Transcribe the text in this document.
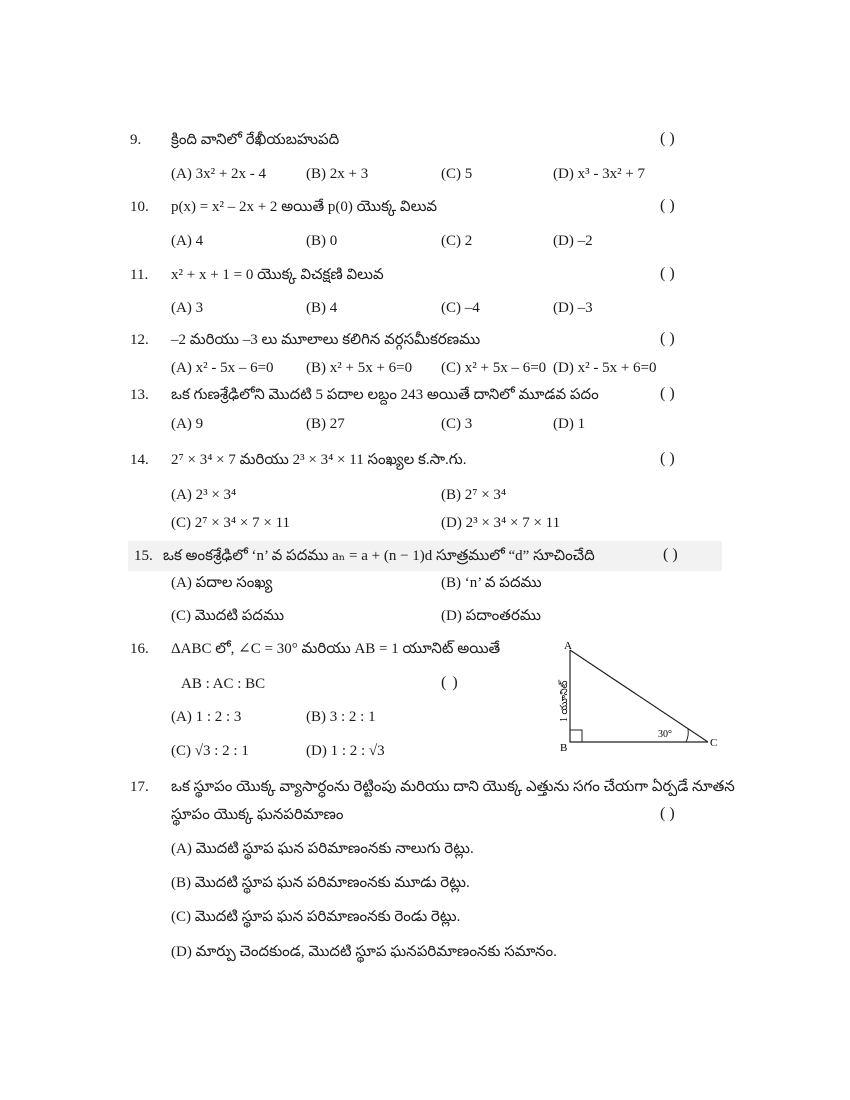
9. క్రింది వానిలో రేఖీయబహుపది	( )
(A) 3x² + 2x - 4	(B) 2x + 3	(C) 5	(D) x³ - 3x² + 7
10. p(x) = x² – 2x + 2 అయితే p(0) యొక్క విలువ	( )
(A) 4	(B) 0	(C) 2	(D) –2
11. x² + x + 1 = 0 యొక్క విచక్షణి విలువ	( )
(A) 3	(B) 4	(C) –4	(D) –3
12. –2 మరియు –3 లు మూలాలు కలిగిన వర్గసమీకరణము	( )
(A) x² - 5x – 6=0 (B) x² + 5x + 6=0 (C) x² + 5x – 6=0 (D) x² - 5x + 6=0
13. ఒక గుణశ్రేఢిలోని మొదటి 5 పదాల లబ్దం 243 అయితే దానిలో మూడవ పదం	( )
(A) 9	(B) 27	(C) 3	(D) 1
14. 2⁷ × 3⁴ × 7 మరియు 2³ × 3⁴ × 11 సంఖ్యల క.సా.గు.	( )
(A) 2³ × 3⁴	(B) 2⁷ × 3⁴
(C) 2⁷ × 3⁴ × 7 × 11	(D) 2³ × 3⁴ × 7 × 11
15. ఒక అంకశ్రేఢిలో ‘n’ వ పదము aₙ = a + (n − 1)d సూత్రములో “d” సూచించేది	( )
(A) పదాల సంఖ్య	(B) ‘n’ వ పదము
(C) మొదటి పదము	(D) పదాంతరము
16. ΔABC లో, ∠C = 30° మరియు AB = 1 యూనిట్ అయితే
AB : AC : BC	( )
(A) 1 : 2 : 3	(B) 3 : 2 : 1
(C) √3 : 2 : 1	(D) 1 : 2 : √3
A
B	C
30°
1 యూనిట్
17. ఒక స్థూపం యొక్క వ్యాసార్ధంను రెట్టింపు మరియు దాని యొక్క ఎత్తును సగం చేయగా ఏర్పడే నూతన
స్థూపం యొక్క ఘనపరిమాణం	( )
(A) మొదటి స్థూప ఘన పరిమాణంనకు నాలుగు రెట్లు.
(B) మొదటి స్థూప ఘన పరిమాణంనకు మూడు రెట్లు.
(C) మొదటి స్థూప ఘన పరిమాణంనకు రెండు రెట్లు.
(D) మార్పు చెందకుండ, మొదటి స్థూప ఘనపరిమాణంనకు సమానం.
